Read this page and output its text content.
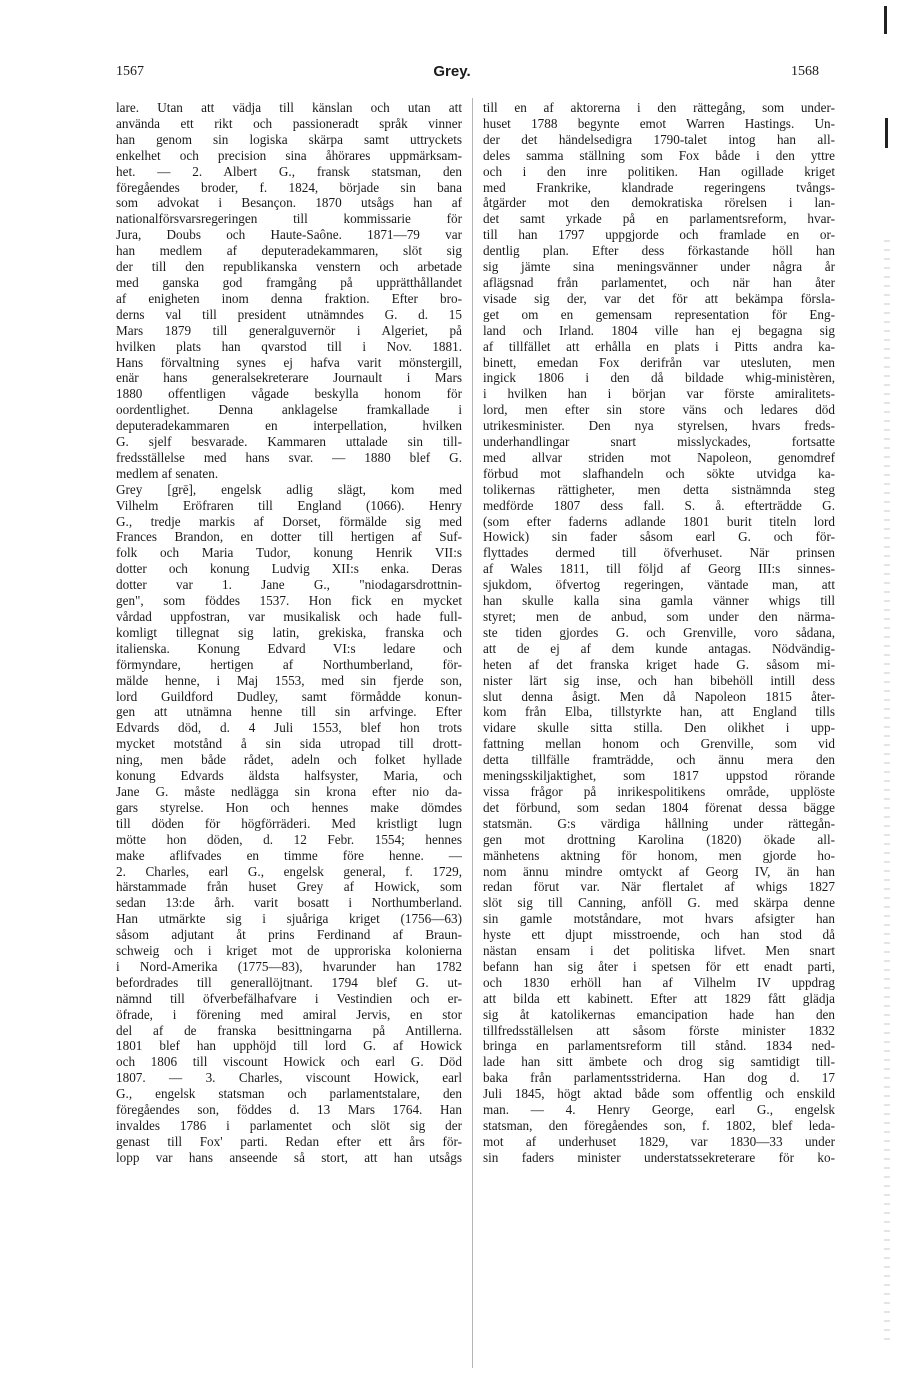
1567	Grey.	1568
lare. Utan att vädja till känslan och utan att
använda ett rikt och passioneradt språk vinner
han genom sin logiska skärpa samt uttryckets
enkelhet och precision sina åhörares uppmärksam-
het. — 2. Albert G., fransk statsman, den
föregåendes broder, f. 1824, började sin bana
som advokat i Besançon. 1870 utsågs han af
nationalförsvarsregeringen till kommissarie för
Jura, Doubs och Haute-Saône. 1871—79 var
han medlem af deputeradekammaren, slöt sig
der till den republikanska venstern och arbetade
med ganska god framgång på upprätthållandet
af enigheten inom denna fraktion. Efter bro-
derns val till president utnämndes G. d. 15
Mars 1879 till generalguvernör i Algeriet, på
hvilken plats han qvarstod till i Nov. 1881.
Hans förvaltning synes ej hafva varit mönstergill,
enär hans generalsekreterare Journault i Mars
1880 offentligen vågade beskylla honom för
oordentlighet. Denna anklagelse framkallade i
deputeradekammaren en interpellation, hvilken
G. sjelf besvarade. Kammaren uttalade sin till-
fredsställelse med hans svar. — 1880 blef G.
medlem af senaten.
Grey [grē], engelsk adlig slägt, kom med
Vilhelm Eröfraren till England (1066). Henry
G., tredje markis af Dorset, förmälde sig med
Frances Brandon, en dotter till hertigen af Suf-
folk och Maria Tudor, konung Henrik VII:s
dotter och konung Ludvig XII:s enka. Deras
dotter var 1. Jane G., "niodagarsdrottnin-
gen", som föddes 1537. Hon fick en mycket
vårdad uppfostran, var musikalisk och hade full-
komligt tillegnat sig latin, grekiska, franska och
italienska. Konung Edvard VI:s ledare och
förmyndare, hertigen af Northumberland, för-
mälde henne, i Maj 1553, med sin fjerde son,
lord Guildford Dudley, samt förmådde konun-
gen att utnämna henne till sin arfvinge. Efter
Edvards död, d. 4 Juli 1553, blef hon trots
mycket motstånd å sin sida utropad till drott-
ning, men både rådet, adeln och folket hyllade
konung Edvards äldsta halfsyster, Maria, och
Jane G. måste nedlägga sin krona efter nio da-
gars styrelse. Hon och hennes make dömdes
till döden för högförräderi. Med kristligt lugn
mötte hon döden, d. 12 Febr. 1554; hennes
make aflifvades en timme före henne. —
2. Charles, earl G., engelsk general, f. 1729,
härstammade från huset Grey af Howick, som
sedan 13:de årh. varit bosatt i Northumberland.
Han utmärkte sig i sjuåriga kriget (1756—63)
såsom adjutant åt prins Ferdinand af Braun-
schweig och i kriget mot de upproriska kolonierna
i Nord-Amerika (1775—83), hvarunder han 1782
befordrades till generallöjtnant. 1794 blef G. ut-
nämnd till öfverbefälhafvare i Vestindien och er-
öfrade, i förening med amiral Jervis, en stor
del af de franska besittningarna på Antillerna.
1801 blef han upphöjd till lord G. af Howick
och 1806 till viscount Howick och earl G. Död
1807. — 3. Charles, viscount Howick, earl
G., engelsk statsman och parlamentstalare, den
föregåendes son, föddes d. 13 Mars 1764. Han
invaldes 1786 i parlamentet och slöt sig der
genast till Fox' parti. Redan efter ett års för-
lopp var hans anseende så stort, att han utsågs
till en af aktorerna i den rättegång, som under-
huset 1788 begynte emot Warren Hastings. Un-
der det händelsedigra 1790-talet intog han all-
deles samma ställning som Fox både i den yttre
och i den inre politiken. Han ogillade kriget
med Frankrike, klandrade regeringens tvångs-
åtgärder mot den demokratiska rörelsen i lan-
det samt yrkade på en parlamentsreform, hvar-
till han 1797 uppgjorde och framlade en or-
dentlig plan. Efter dess förkastande höll han
sig jämte sina meningsvänner under några år
aflägsnad från parlamentet, och när han åter
visade sig der, var det för att bekämpa försla-
get om en gemensam representation för Eng-
land och Irland. 1804 ville han ej begagna sig
af tillfället att erhålla en plats i Pitts andra ka-
binett, emedan Fox derifrån var utesluten, men
ingick 1806 i den då bildade whig-ministèren,
i hvilken han i början var förste amiralitets-
lord, men efter sin store väns och ledares död
utrikesminister. Den nya styrelsen, hvars freds-
underhandlingar snart misslyckades, fortsatte
med allvar striden mot Napoleon, genomdref
förbud mot slafhandeln och sökte utvidga ka-
tolikernas rättigheter, men detta sistnämnda steg
medförde 1807 dess fall. S. å. efterträdde G.
(som efter faderns adlande 1801 burit titeln lord
Howick) sin fader såsom earl G. och för-
flyttades dermed till öfverhuset. När prinsen
af Wales 1811, till följd af Georg III:s sinnes-
sjukdom, öfvertog regeringen, väntade man, att
han skulle kalla sina gamla vänner whigs till
styret; men de anbud, som under den närma-
ste tiden gjordes G. och Grenville, voro sådana,
att de ej af dem kunde antagas. Nödvändig-
heten af det franska kriget hade G. såsom mi-
nister lärt sig inse, och han bibehöll intill dess
slut denna åsigt. Men då Napoleon 1815 åter-
kom från Elba, tillstyrkte han, att England tills
vidare skulle sitta stilla. Den olikhet i upp-
fattning mellan honom och Grenville, som vid
detta tillfälle framträdde, och ännu mera den
meningsskiljaktighet, som 1817 uppstod rörande
vissa frågor på inrikespolitikens område, upplöste
det förbund, som sedan 1804 förenat dessa bägge
statsmän. G:s värdiga hållning under rättegån-
gen mot drottning Karolina (1820) ökade all-
mänhetens aktning för honom, men gjorde ho-
nom ännu mindre omtyckt af Georg IV, än han
redan förut var. När flertalet af whigs 1827
slöt sig till Canning, anföll G. med skärpa denne
sin gamle motståndare, mot hvars afsigter han
hyste ett djupt misstroende, och han stod då
nästan ensam i det politiska lifvet. Men snart
befann han sig åter i spetsen för ett enadt parti,
och 1830 erhöll han af Vilhelm IV uppdrag
att bilda ett kabinett. Efter att 1829 fått glädja
sig åt katolikernas emancipation hade han den
tillfredsställelsen att såsom förste minister 1832
bringa en parlamentsreform till stånd. 1834 ned-
lade han sitt ämbete och drog sig samtidigt till-
baka från parlamentsstriderna. Han dog d. 17
Juli 1845, högt aktad både som offentlig och enskild
man. — 4. Henry George, earl G., engelsk
statsman, den föregåendes son, f. 1802, blef leda-
mot af underhuset 1829, var 1830—33 under
sin faders minister understatssekreterare för ko-
